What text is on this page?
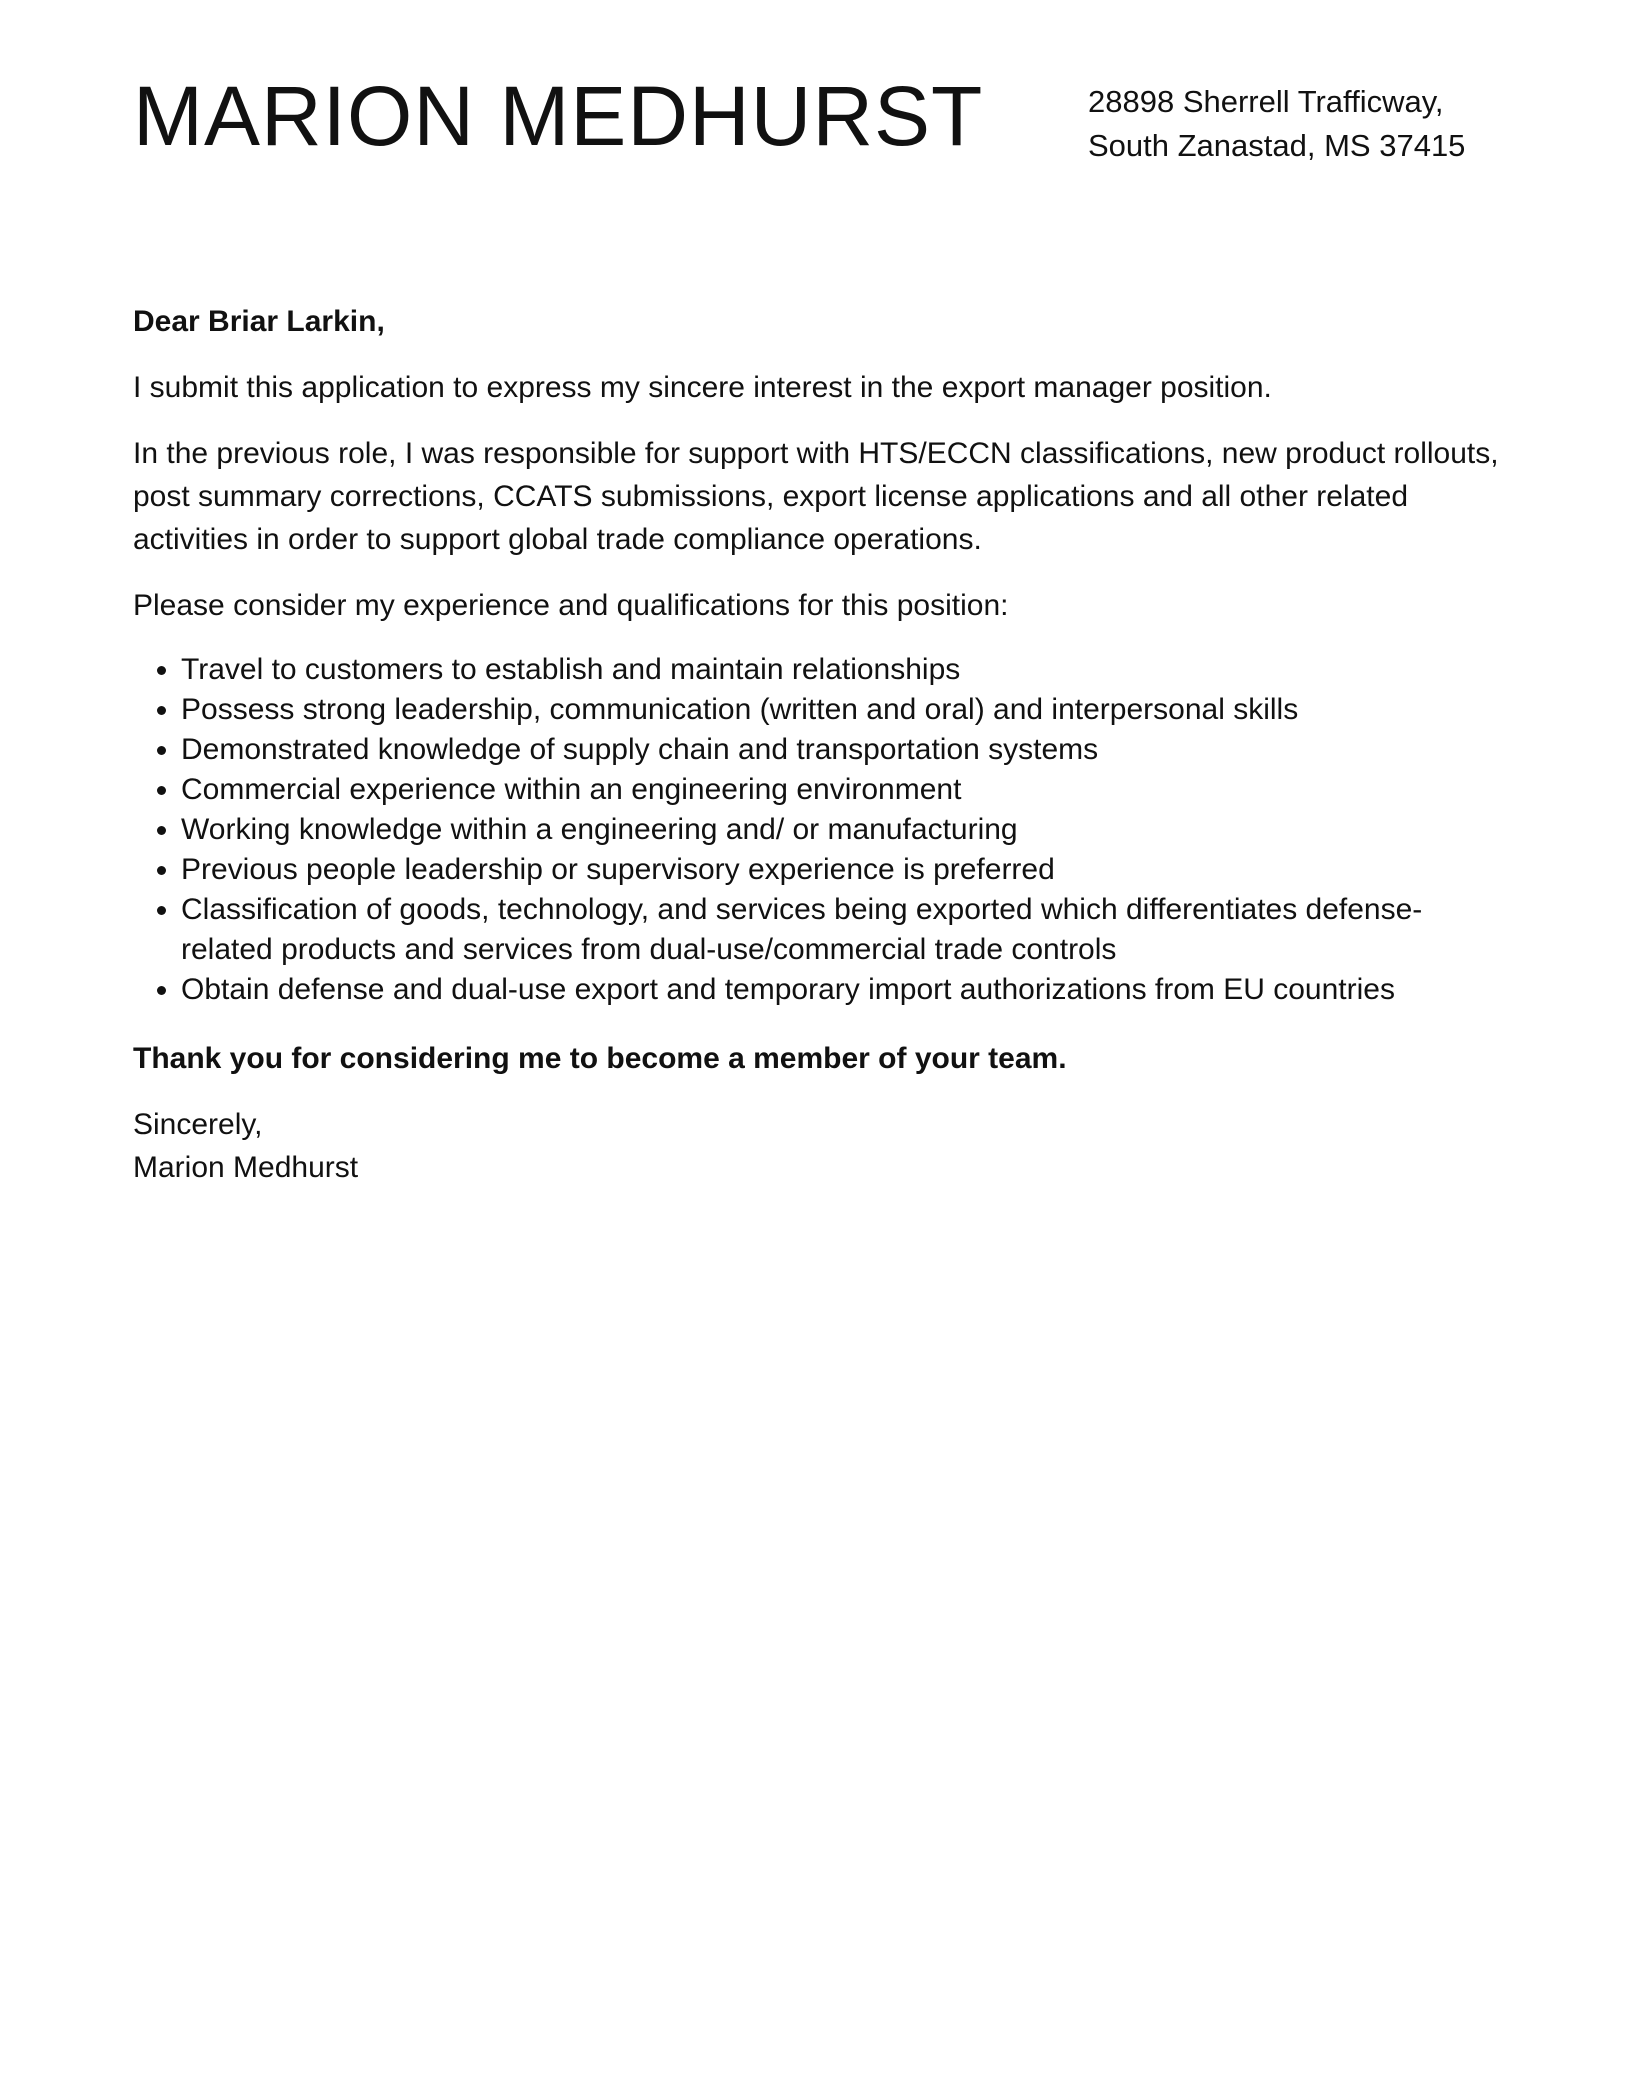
MARION MEDHURST	28898 Sherrell Trafficway,
South Zanastad, MS 37415

Dear Briar Larkin,

I submit this application to express my sincere interest in the export manager position.

In the previous role, I was responsible for support with HTS/ECCN classifications, new product rollouts, post summary corrections, CCATS submissions, export license applications and all other related activities in order to support global trade compliance operations.

Please consider my experience and qualifications for this position:

• Travel to customers to establish and maintain relationships
• Possess strong leadership, communication (written and oral) and interpersonal skills
• Demonstrated knowledge of supply chain and transportation systems
• Commercial experience within an engineering environment
• Working knowledge within a engineering and/ or manufacturing
• Previous people leadership or supervisory experience is preferred
• Classification of goods, technology, and services being exported which differentiates defense-related products and services from dual-use/commercial trade controls
• Obtain defense and dual-use export and temporary import authorizations from EU countries

Thank you for considering me to become a member of your team.

Sincerely,
Marion Medhurst
